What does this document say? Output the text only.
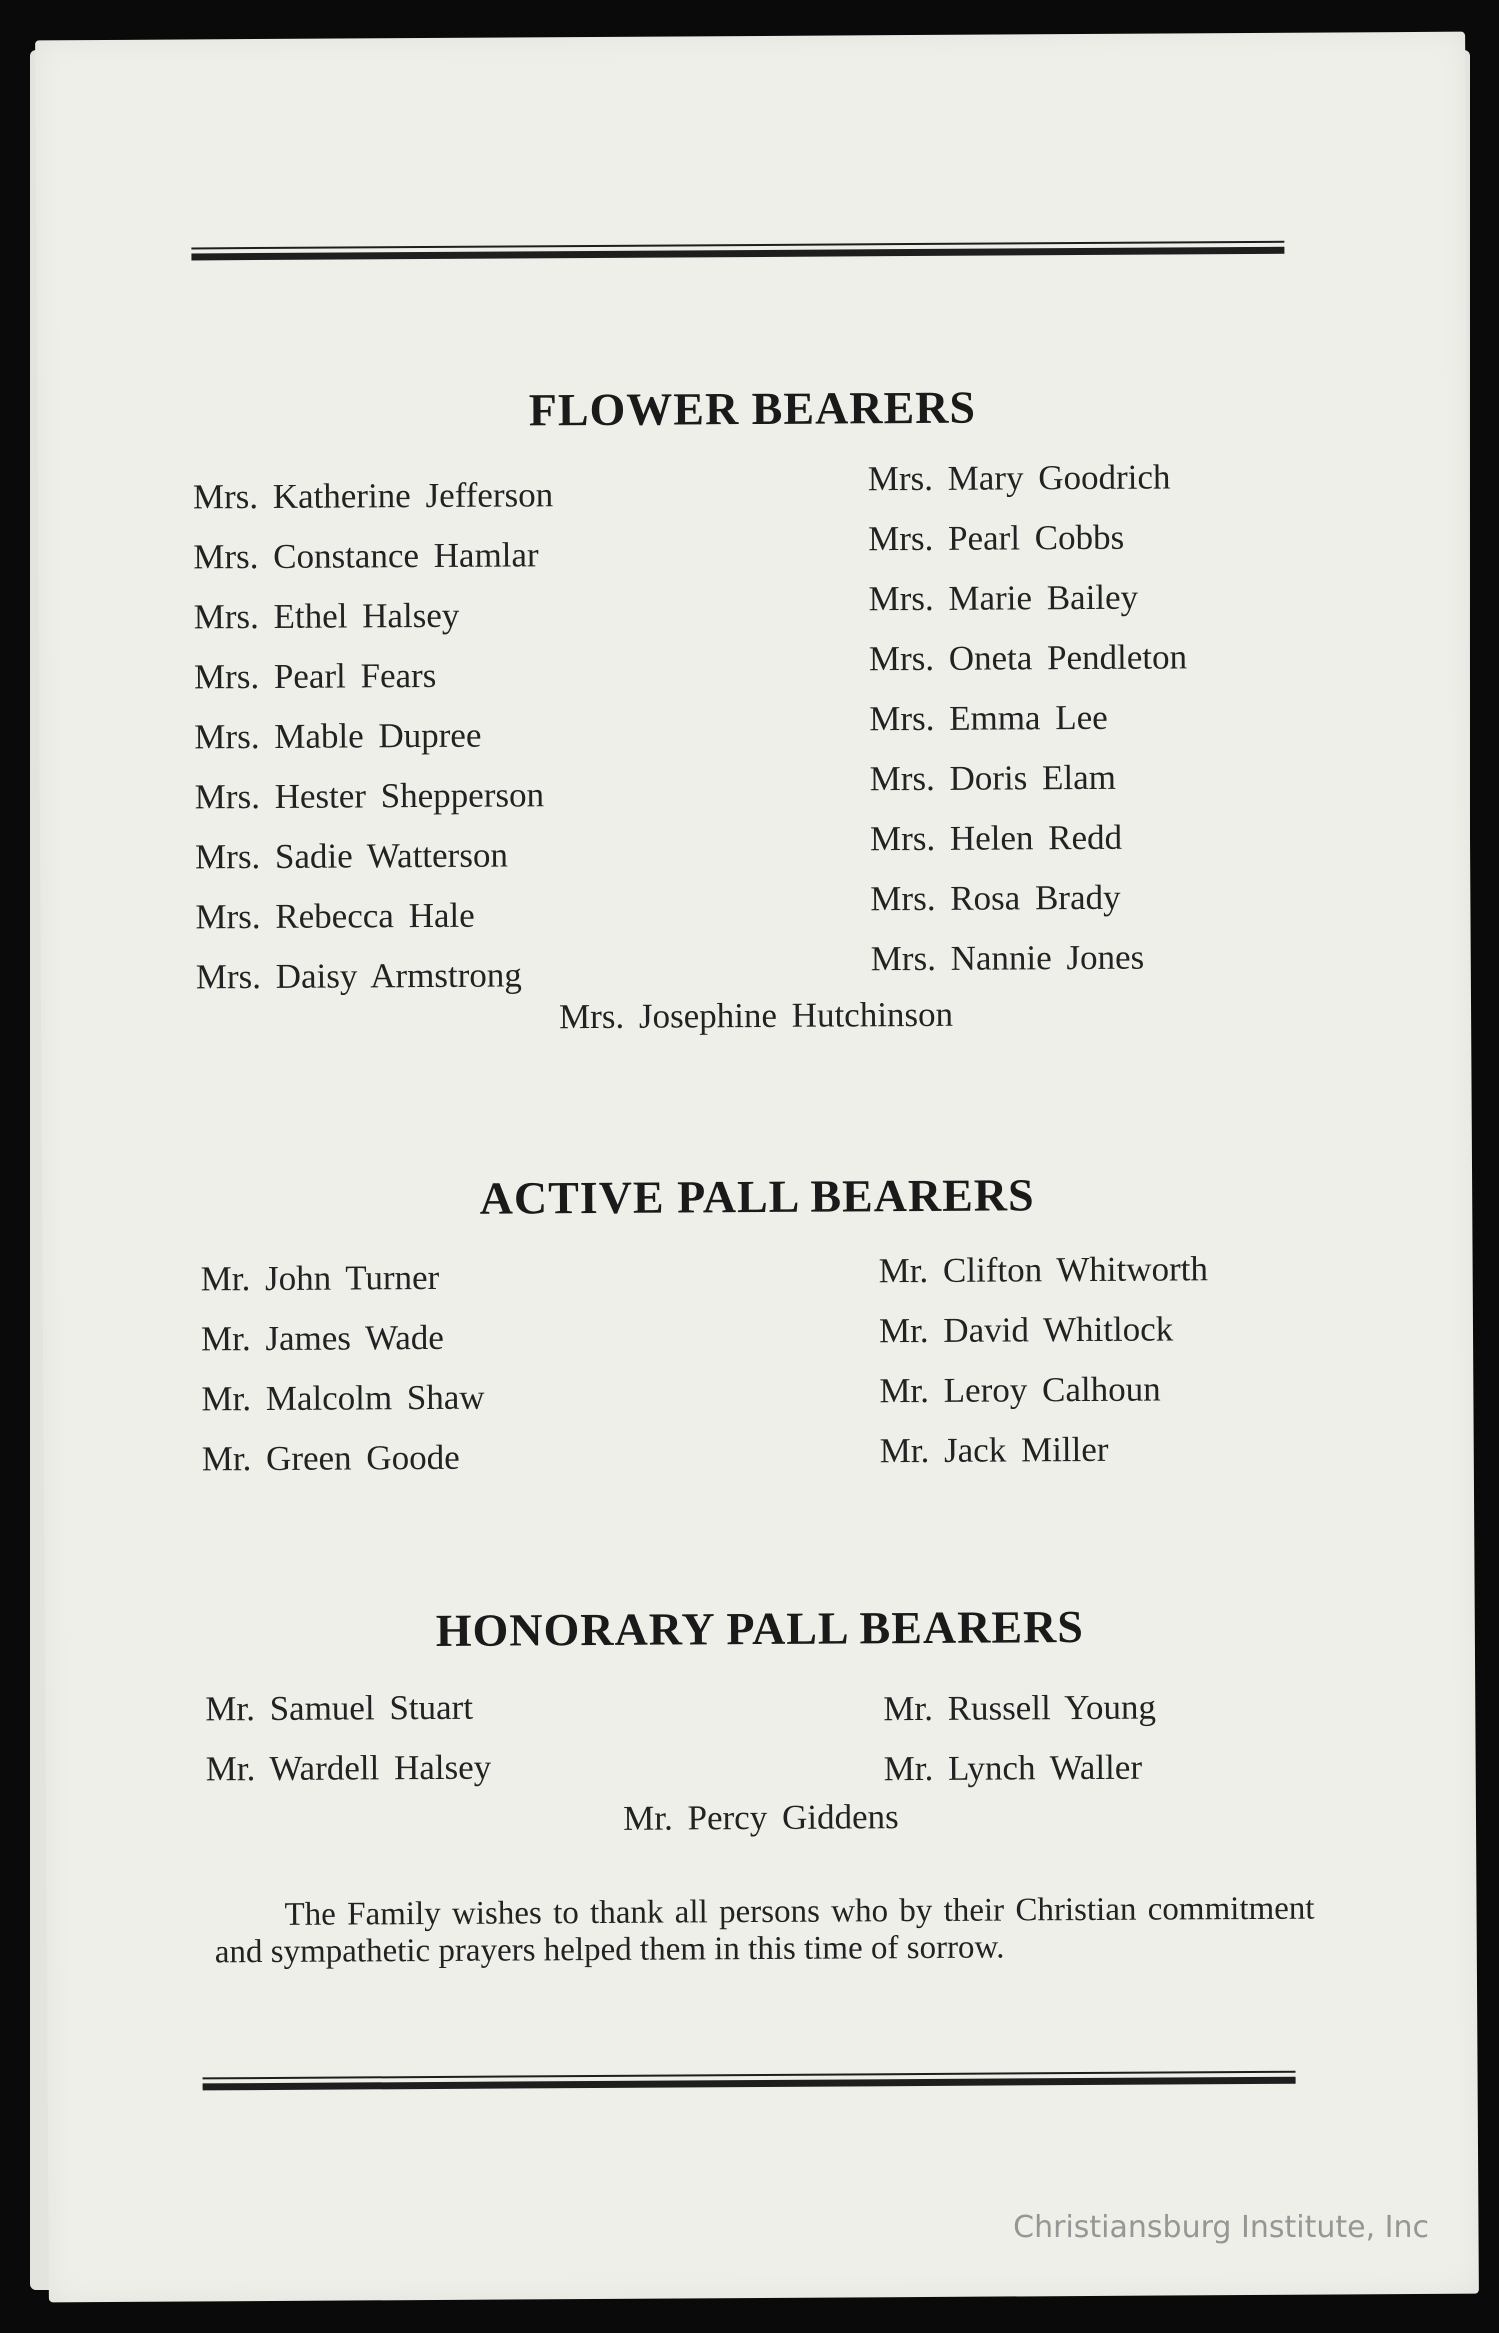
FLOWER BEARERS
Mrs. Katherine Jefferson
Mrs. Constance Hamlar
Mrs. Ethel Halsey
Mrs. Pearl Fears
Mrs. Mable Dupree
Mrs. Hester Shepperson
Mrs. Sadie Watterson
Mrs. Rebecca Hale
Mrs. Daisy Armstrong
Mrs. Mary Goodrich
Mrs. Pearl Cobbs
Mrs. Marie Bailey
Mrs. Oneta Pendleton
Mrs. Emma Lee
Mrs. Doris Elam
Mrs. Helen Redd
Mrs. Rosa Brady
Mrs. Nannie Jones
Mrs. Josephine Hutchinson
ACTIVE PALL BEARERS
Mr. John Turner
Mr. James Wade
Mr. Malcolm Shaw
Mr. Green Goode
Mr. Clifton Whitworth
Mr. David Whitlock
Mr. Leroy Calhoun
Mr. Jack Miller
HONORARY PALL BEARERS
Mr. Samuel Stuart
Mr. Wardell Halsey
Mr. Russell Young
Mr. Lynch Waller
Mr. Percy Giddens

The Family wishes to thank all persons who by their Christian commitment and sympathetic prayers helped them in this time of sorrow.

Christiansburg Institute, Inc
